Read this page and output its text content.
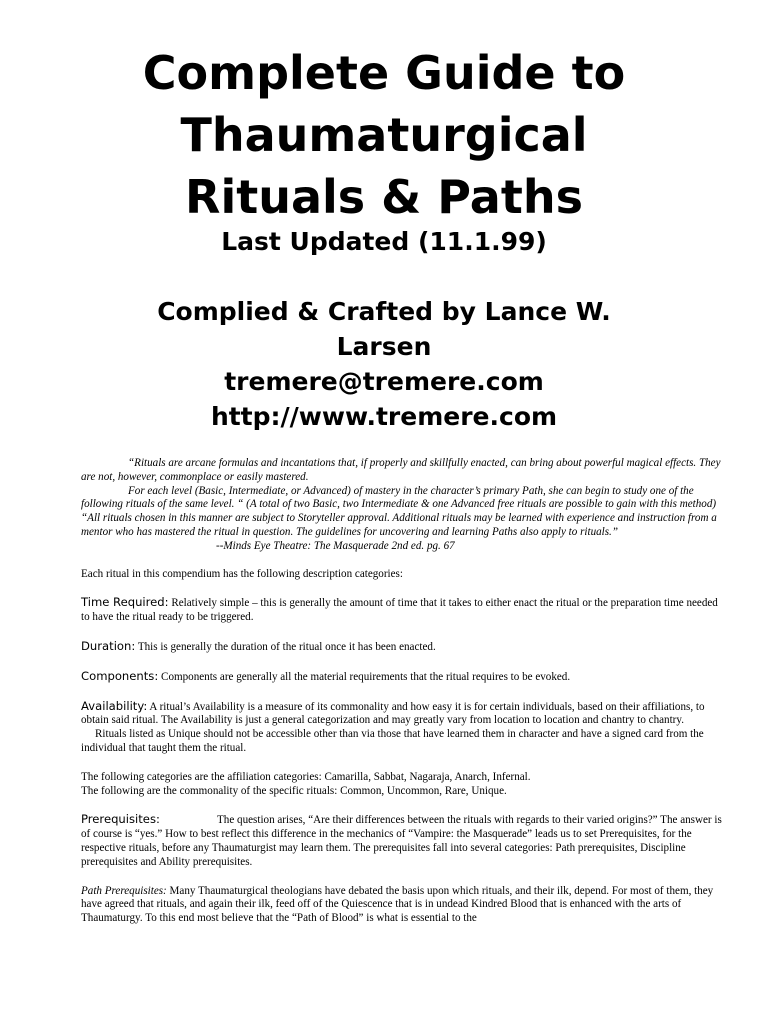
Complete Guide to
Thaumaturgical
Rituals & Paths
Last Updated (11.1.99)
Complied & Crafted by Lance W.
Larsen
tremere@tremere.com
http://www.tremere.com

“Rituals are arcane formulas and incantations that, if properly and skillfully enacted, can bring about powerful magical effects. They are not, however, commonplace or easily mastered.

For each level (Basic, Intermediate, or Advanced) of mastery in the character’s primary Path, she can begin to study one of the following rituals of the same level. “ (A total of two Basic, two Intermediate & one Advanced free rituals are possible to gain with this method) “All rituals chosen in this manner are subject to Storyteller approval. Additional rituals may be learned with experience and instruction from a mentor who has mastered the ritual in question. The guidelines for uncovering and learning Paths also apply to rituals.”

--Minds Eye Theatre: The Masquerade 2nd ed. pg. 67

Each ritual in this compendium has the following description categories:

Time Required: Relatively simple – this is generally the amount of time that it takes to either enact the ritual or the preparation time needed to have the ritual ready to be triggered.

Duration: This is generally the duration of the ritual once it has been enacted.

Components: Components are generally all the material requirements that the ritual requires to be evoked.

Availability: A ritual’s Availability is a measure of its commonality and how easy it is for certain individuals, based on their affiliations, to obtain said ritual. The Availability is just a general categorization and may greatly vary from location to location and chantry to chantry.

Rituals listed as Unique should not be accessible other than via those that have learned them in character and have a signed card from the individual that taught them the ritual.

The following categories are the affiliation categories: Camarilla, Sabbat, Nagaraja, Anarch, Infernal.

The following are the commonality of the specific rituals: Common, Uncommon, Rare, Unique.

Prerequisites:	The question arises, “Are their differences between the rituals with regards to their varied origins?” The answer is of course is “yes.” How to best reflect this difference in the mechanics of “Vampire: the Masquerade” leads us to set Prerequisites, for the respective rituals, before any Thaumaturgist may learn them. The prerequisites fall into several categories: Path prerequisites, Discipline prerequisites and Ability prerequisites.

Path Prerequisites: Many Thaumaturgical theologians have debated the basis upon which rituals, and their ilk, depend. For most of them, they have agreed that rituals, and again their ilk, feed off of the Quiescence that is in undead Kindred Blood that is enhanced with the arts of Thaumaturgy. To this end most believe that the “Path of Blood” is what is essential to the
